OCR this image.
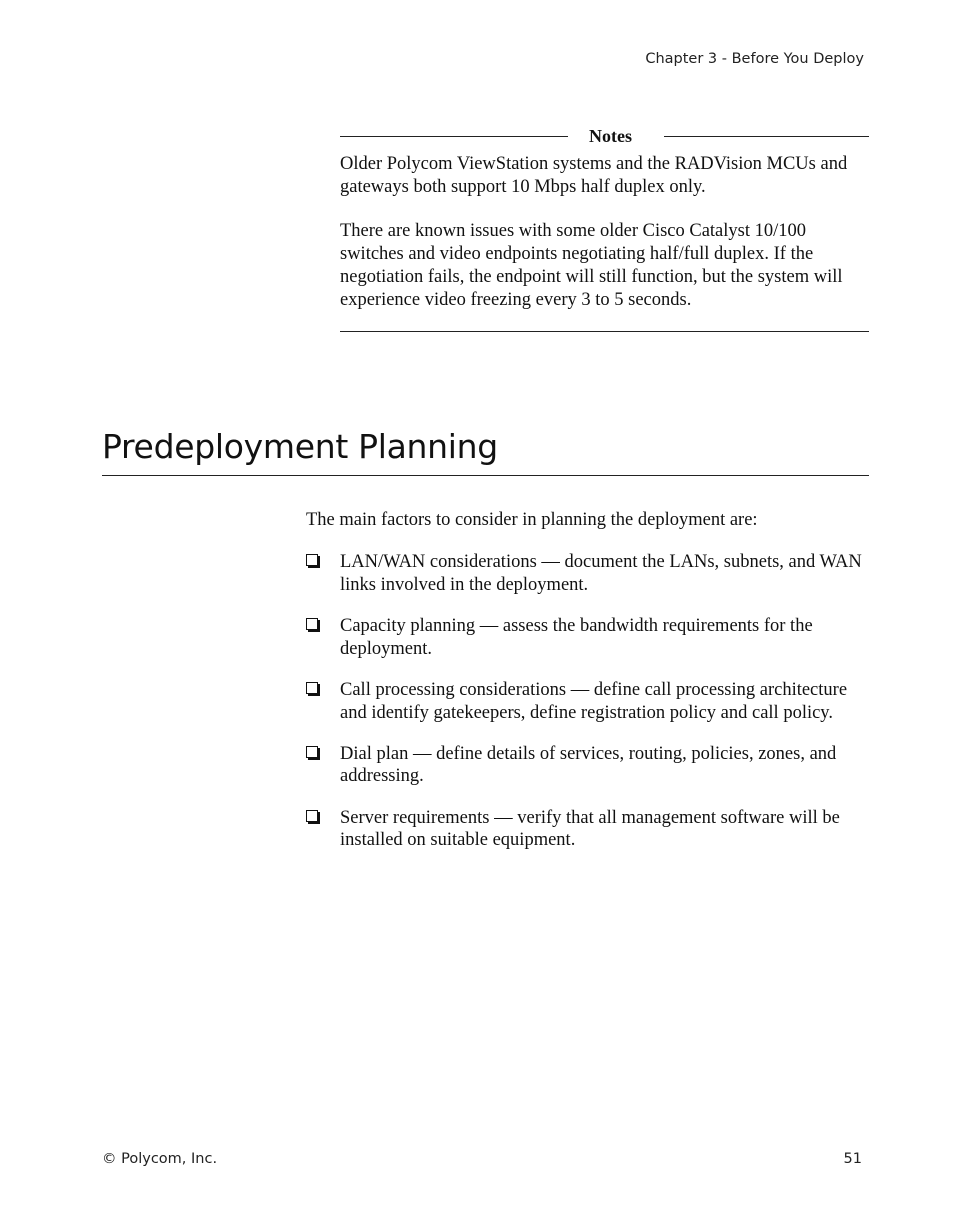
Chapter 3 - Before You Deploy
Notes

Older Polycom ViewStation systems and the RADVision MCUs and gateways both support 10 Mbps half duplex only.

There are known issues with some older Cisco Catalyst 10/100 switches and video endpoints negotiating half/full duplex. If the negotiation fails, the endpoint will still function, but the system will experience video freezing every 3 to 5 seconds.

Predeployment Planning

The main factors to consider in planning the deployment are:

LAN/WAN considerations — document the LANs, subnets, and WAN links involved in the deployment.
Capacity planning — assess the bandwidth requirements for the deployment.
Call processing considerations — define call processing architecture and identify gatekeepers, define registration policy and call policy.
Dial plan — define details of services, routing, policies, zones, and addressing.
Server requirements — verify that all management software will be installed on suitable equipment.
© Polycom, Inc.	51
